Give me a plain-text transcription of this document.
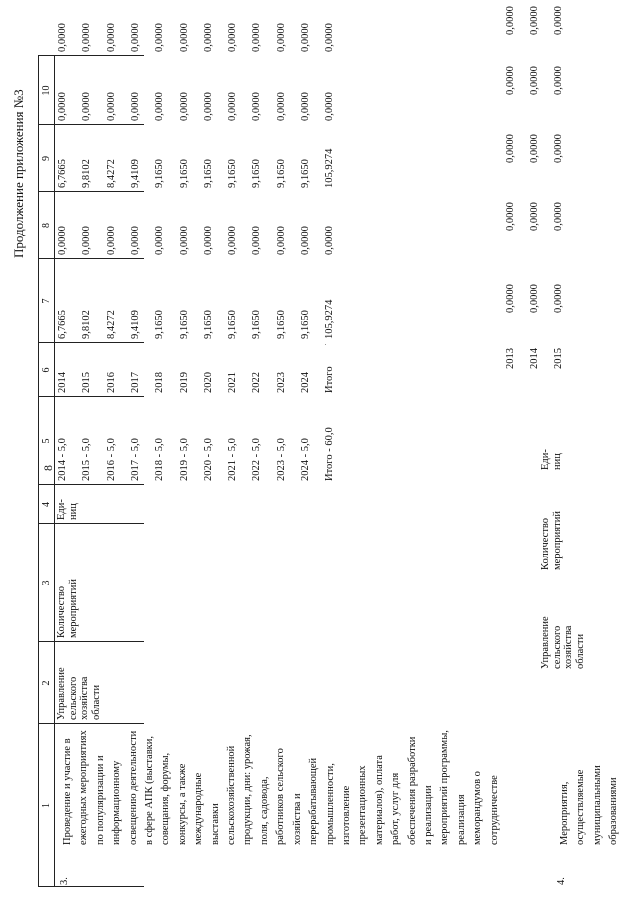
8
Продолжение приложения №3
1
2
3
4
5
6
7
8
9
10
3.
Проведение и участие в ежегодных мероприятиях по популяризации и информационному освещению деятельности в сфере АПК (выставки, совещания, форумы, конкурсы, а также международные выставки сельскохозяйственной продукции, дни: урожая, поля, садовода, работников сельского хозяйства и перерабатывающей промышленности, изготовление презентационных материалов), оплата работ, услуг для обеспечения разработки и реализации мероприятий программы, реализация меморандумов о сотрудничестве
Управление сельского хозяйства области
Количество мероприятий
Еди- ниц
2014 - 5,0
2014
6,7665
0,0000
6,7665
0,0000
0,0000
2015 - 5,0
2015
9,8102
0,0000
9,8102
0,0000
0,0000
2016 - 5,0
2016
8,4272
0,0000
8,4272
0,0000
0,0000
2017 - 5,0
2017
9,4109
0,0000
9,4109
0,0000
0,0000
2018 - 5,0
2018
9,1650
0,0000
9,1650
0,0000
0,0000
2019 - 5,0
2019
9,1650
0,0000
9,1650
0,0000
0,0000
2020 - 5,0
2020
9,1650
0,0000
9,1650
0,0000
0,0000
2021 - 5,0
2021
9,1650
0,0000
9,1650
0,0000
0,0000
2022 - 5,0
2022
9,1650
0,0000
9,1650
0,0000
0,0000
2023 - 5,0
2023
9,1650
0,0000
9,1650
0,0000
0,0000
2024 - 5,0
2024
9,1650
0,0000
9,1650
0,0000
0,0000
Итого - 60,0
Итого
105,9274
0,0000
105,9274
0,0000
0,0000
4.
Мероприятия, осуществляемые муниципальными образованиями
Управление сельского хозяйства области
Количество мероприятий
Еди- ниц
2013
0,0000
0,0000
0,0000
0,0000
0,0000
2014
0,0000
0,0000
0,0000
0,0000
0,0000
2015
0,0000
0,0000
0,0000
0,0000
0,0000
